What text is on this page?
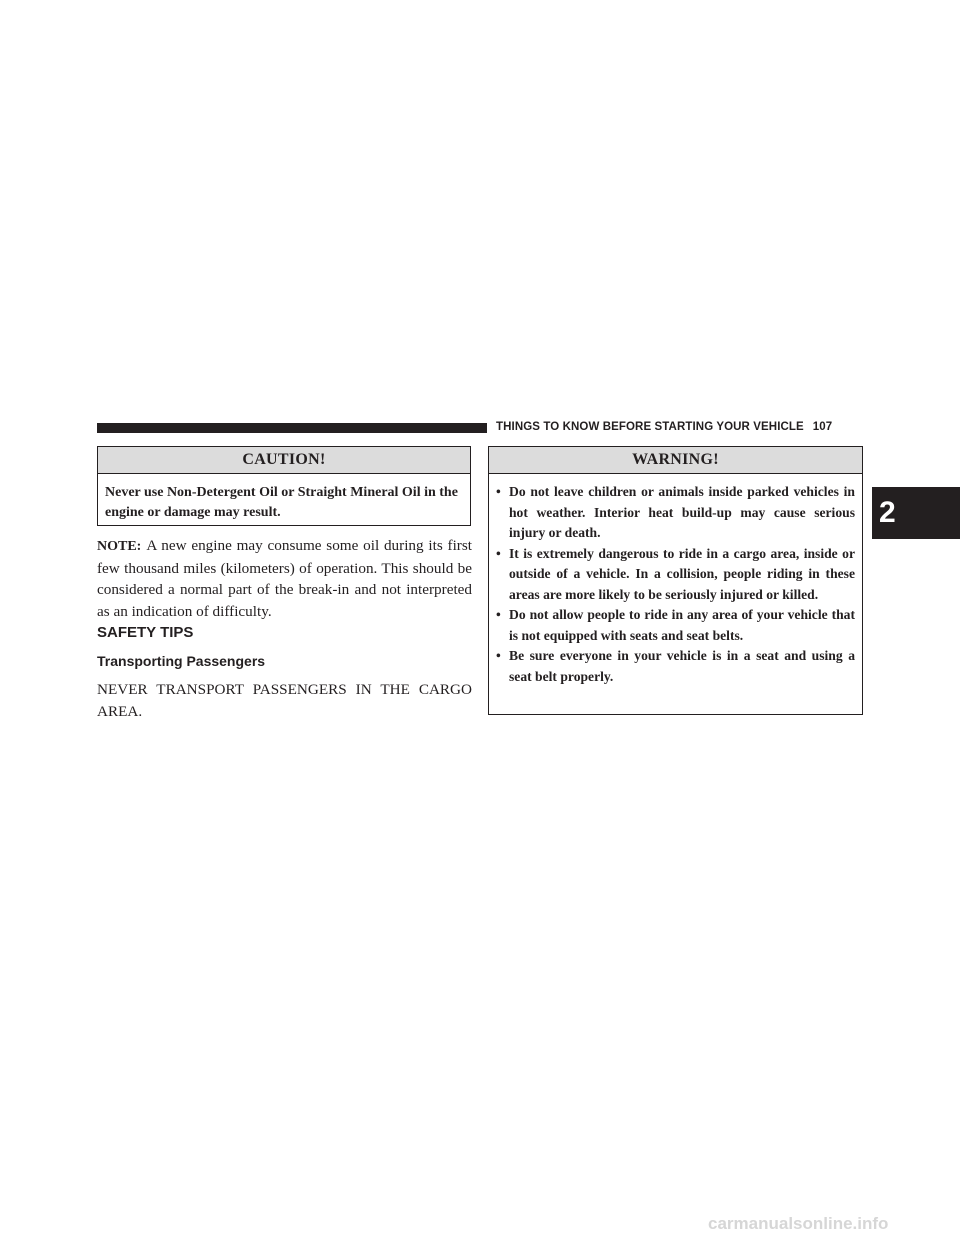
THINGS TO KNOW BEFORE STARTING YOUR VEHICLE 107
2
CAUTION!
Never use Non-Detergent Oil or Straight Mineral Oil in the engine or damage may result.
NOTE: A new engine may consume some oil during its first few thousand miles (kilometers) of operation. This should be considered a normal part of the break-in and not interpreted as an indication of difficulty.
SAFETY TIPS
Transporting Passengers
NEVER TRANSPORT PASSENGERS IN THE CARGO AREA.
WARNING!
• Do not leave children or animals inside parked vehicles in hot weather. Interior heat build-up may cause serious injury or death.
• It is extremely dangerous to ride in a cargo area, inside or outside of a vehicle. In a collision, people riding in these areas are more likely to be seriously injured or killed.
• Do not allow people to ride in any area of your vehicle that is not equipped with seats and seat belts.
• Be sure everyone in your vehicle is in a seat and using a seat belt properly.
carmanualsonline.info
